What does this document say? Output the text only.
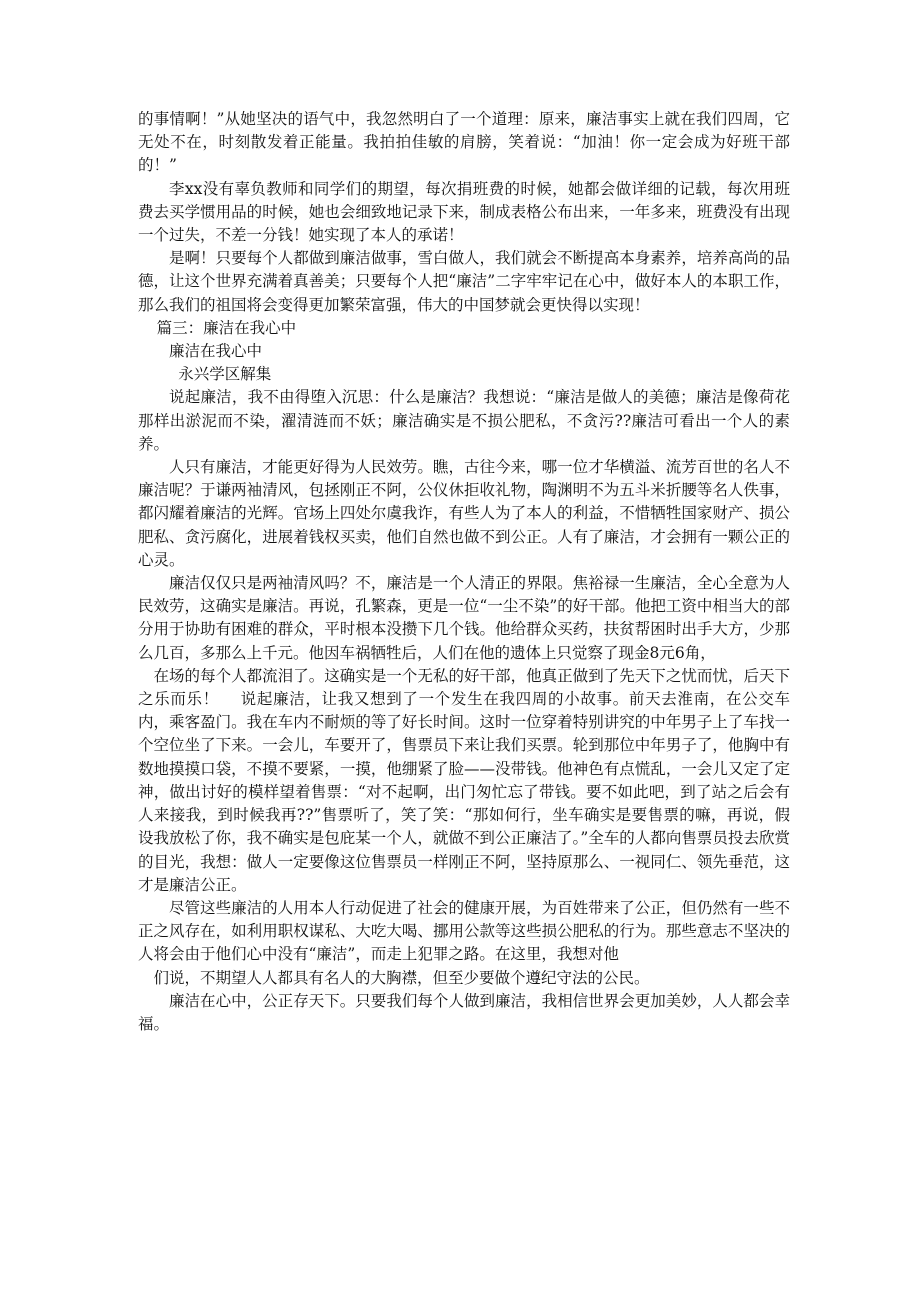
的事情啊！”从她坚决的语气中，我忽然明白了一个道理：原来，廉洁事实上就在我们四周，它无处不在，时刻散发着正能量。我拍拍佳敏的肩膀，笑着说：“加油！你一定会成为好班干部的！”

李xx没有辜负教师和同学们的期望，每次捐班费的时候，她都会做详细的记载，每次用班费去买学惯用品的时候，她也会细致地记录下来，制成表格公布出来，一年多来，班费没有出现一个过失，不差一分钱！她实现了本人的承诺！

是啊！只要每个人都做到廉洁做事，雪白做人，我们就会不断提高本身素养，培养高尚的品德，让这个世界充满着真善美；只要每个人把“廉洁”二字牢牢记在心中，做好本人的本职工作，那么我们的祖国将会变得更加繁荣富强，伟大的中国梦就会更快得以实现！

篇三：廉洁在我心中

廉洁在我心中

永兴学区解集

说起廉洁，我不由得堕入沉思：什么是廉洁？我想说：“廉洁是做人的美德；廉洁是像荷花那样出淤泥而不染，濯清涟而不妖；廉洁确实是不损公肥私，不贪污??廉洁可看出一个人的素养。

人只有廉洁，才能更好得为人民效劳。瞧，古往今来，哪一位才华横溢、流芳百世的名人不廉洁呢？于谦两袖清风，包拯刚正不阿，公仪休拒收礼物，陶渊明不为五斗米折腰等名人佚事，都闪耀着廉洁的光辉。官场上四处尔虞我诈，有些人为了本人的利益，不惜牺牲国家财产、损公肥私、贪污腐化，进展着钱权买卖，他们自然也做不到公正。人有了廉洁，才会拥有一颗公正的心灵。

廉洁仅仅只是两袖清风吗？不，廉洁是一个人清正的界限。焦裕禄一生廉洁，全心全意为人民效劳，这确实是廉洁。再说，孔繁森，更是一位“一尘不染”的好干部。他把工资中相当大的部分用于协助有困难的群众，平时根本没攒下几个钱。他给群众买药，扶贫帮困时出手大方，少那么几百，多那么上千元。他因车祸牺牲后，人们在他的遗体上只觉察了现金8元6角，

在场的每个人都流泪了。这确实是一个无私的好干部，他真正做到了先天下之忧而忧，后天下之乐而乐！　 说起廉洁，让我又想到了一个发生在我四周的小故事。前天去淮南，在公交车内，乘客盈门。我在车内不耐烦的等了好长时间。这时一位穿着特别讲究的中年男子上了车找一个空位坐了下来。一会儿，车要开了，售票员下来让我们买票。轮到那位中年男子了，他胸中有数地摸摸口袋，不摸不要紧，一摸，他绷紧了脸——没带钱。他神色有点慌乱，一会儿又定了定神，做出讨好的模样望着售票：“对不起啊，出门匆忙忘了带钱。要不如此吧，到了站之后会有人来接我，到时候我再??”售票听了，笑了笑：“那如何行，坐车确实是要售票的嘛，再说，假设我放松了你，我不确实是包庇某一个人，就做不到公正廉洁了。”全车的人都向售票员投去欣赏的目光，我想：做人一定要像这位售票员一样刚正不阿，坚持原那么、一视同仁、领先垂范，这才是廉洁公正。

尽管这些廉洁的人用本人行动促进了社会的健康开展，为百姓带来了公正，但仍然有一些不正之风存在，如利用职权谋私、大吃大喝、挪用公款等这些损公肥私的行为。那些意志不坚决的人将会由于他们心中没有“廉洁”，而走上犯罪之路。在这里，我想对他

们说，不期望人人都具有名人的大胸襟，但至少要做个遵纪守法的公民。

廉洁在心中，公正存天下。只要我们每个人做到廉洁，我相信世界会更加美妙，人人都会幸福。
